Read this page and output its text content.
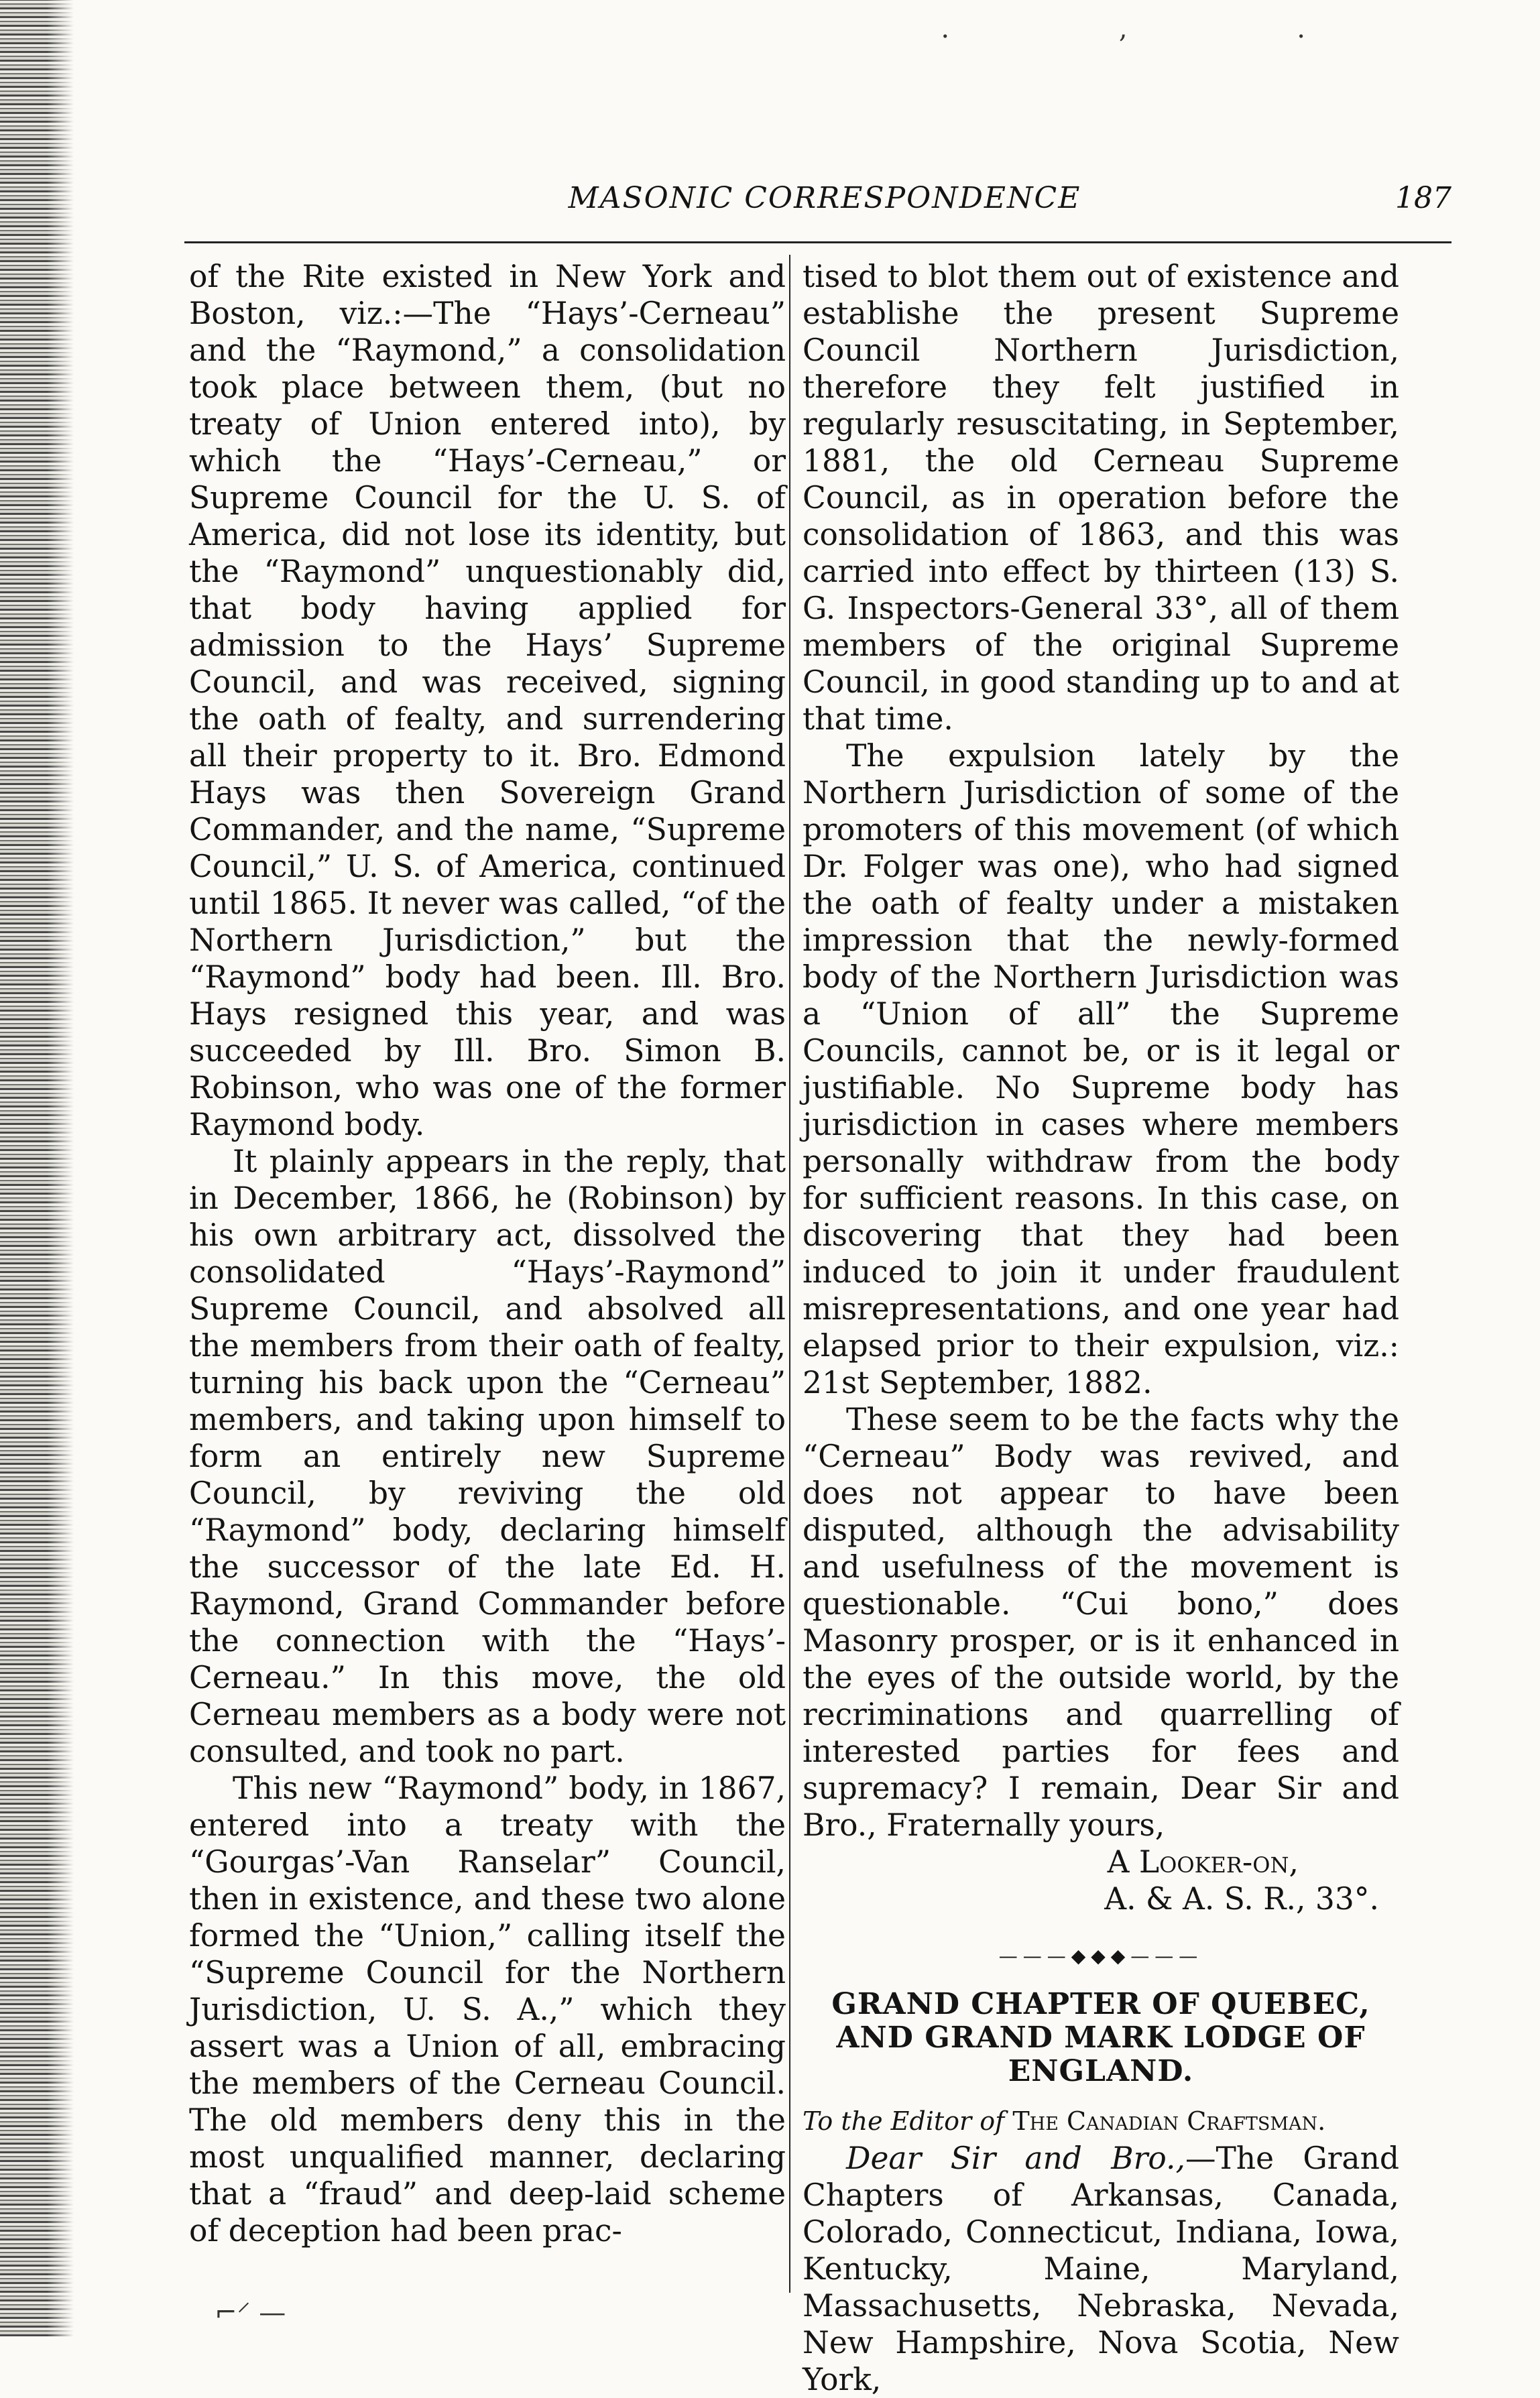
. , .
MASONIC CORRESPONDENCE	187

of the Rite existed in New York and Boston, viz.:—The “Hays’-Cerneau” and the “Raymond,” a consolidation took place between them, (but no treaty of Union entered into), by which the “Hays’-Cerneau,” or Supreme Council for the U. S. of America, did not lose its identity, but the “Raymond” unquestionably did, that body having applied for admission to the Hays’ Supreme Council, and was received, signing the oath of fealty, and surrendering all their property to it. Bro. Edmond Hays was then Sovereign Grand Commander, and the name, “Supreme Council,” U. S. of America, continued until 1865. It never was called, “of the Northern Jurisdiction,” but the “Raymond” body had been. Ill. Bro. Hays resigned this year, and was succeeded by Ill. Bro. Simon B. Robinson, who was one of the former Raymond body.

It plainly appears in the reply, that in December, 1866, he (Robinson) by his own arbitrary act, dissolved the consolidated “Hays’-Raymond” Supreme Council, and absolved all the members from their oath of fealty, turning his back upon the “Cerneau” members, and taking upon himself to form an entirely new Supreme Council, by reviving the old “Raymond” body, declaring himself the successor of the late Ed. H. Raymond, Grand Commander before the connection with the “Hays’-Cerneau.” In this move, the old Cerneau members as a body were not consulted, and took no part.

This new “Raymond” body, in 1867, entered into a treaty with the “Gourgas’-Van Ranselar” Council, then in existence, and these two alone formed the “Union,” calling itself the “Supreme Council for the Northern Jurisdiction, U. S. A.,” which they assert was a Union of all, embracing the members of the Cerneau Council. The old members deny this in the most unqualified manner, declaring that a “fraud” and deep-laid scheme of deception had been prac-

tised to blot them out of existence and establishe the present Supreme Council Northern Jurisdiction, therefore they felt justified in regularly resuscitating, in September, 1881, the old Cerneau Supreme Council, as in operation before the consolidation of 1863, and this was carried into effect by thirteen (13) S. G. Inspectors-General 33°, all of them members of the original Supreme Council, in good standing up to and at that time.

The expulsion lately by the Northern Jurisdiction of some of the promoters of this movement (of which Dr. Folger was one), who had signed the oath of fealty under a mistaken impression that the newly-formed body of the Northern Jurisdiction was a “Union of all” the Supreme Councils, cannot be, or is it legal or justifiable. No Supreme body has jurisdiction in cases where members personally withdraw from the body for sufficient reasons. In this case, on discovering that they had been induced to join it under fraudulent misrepresentations, and one year had elapsed prior to their expulsion, viz.: 21st September, 1882.

These seem to be the facts why the “Cerneau” Body was revived, and does not appear to have been disputed, although the advisability and usefulness of the movement is questionable. “Cui bono,” does Masonry prosper, or is it enhanced in the eyes of the outside world, by the recriminations and quarrelling of interested parties for fees and supremacy? I remain, Dear Sir and Bro., Fraternally yours,

A Looker-on,
A. & A. S. R., 33°.
———◆◆◆———
GRAND CHAPTER OF QUEBEC, AND GRAND MARK LODGE OF ENGLAND.

To the Editor of The Canadian Craftsman.

Dear Sir and Bro.,—The Grand Chapters of Arkansas, Canada, Colorado, Connecticut, Indiana, Iowa, Kentucky, Maine, Maryland, Massachusetts, Nebraska, Nevada, New Hampshire, Nova Scotia, New York,

⌐⸍ —
